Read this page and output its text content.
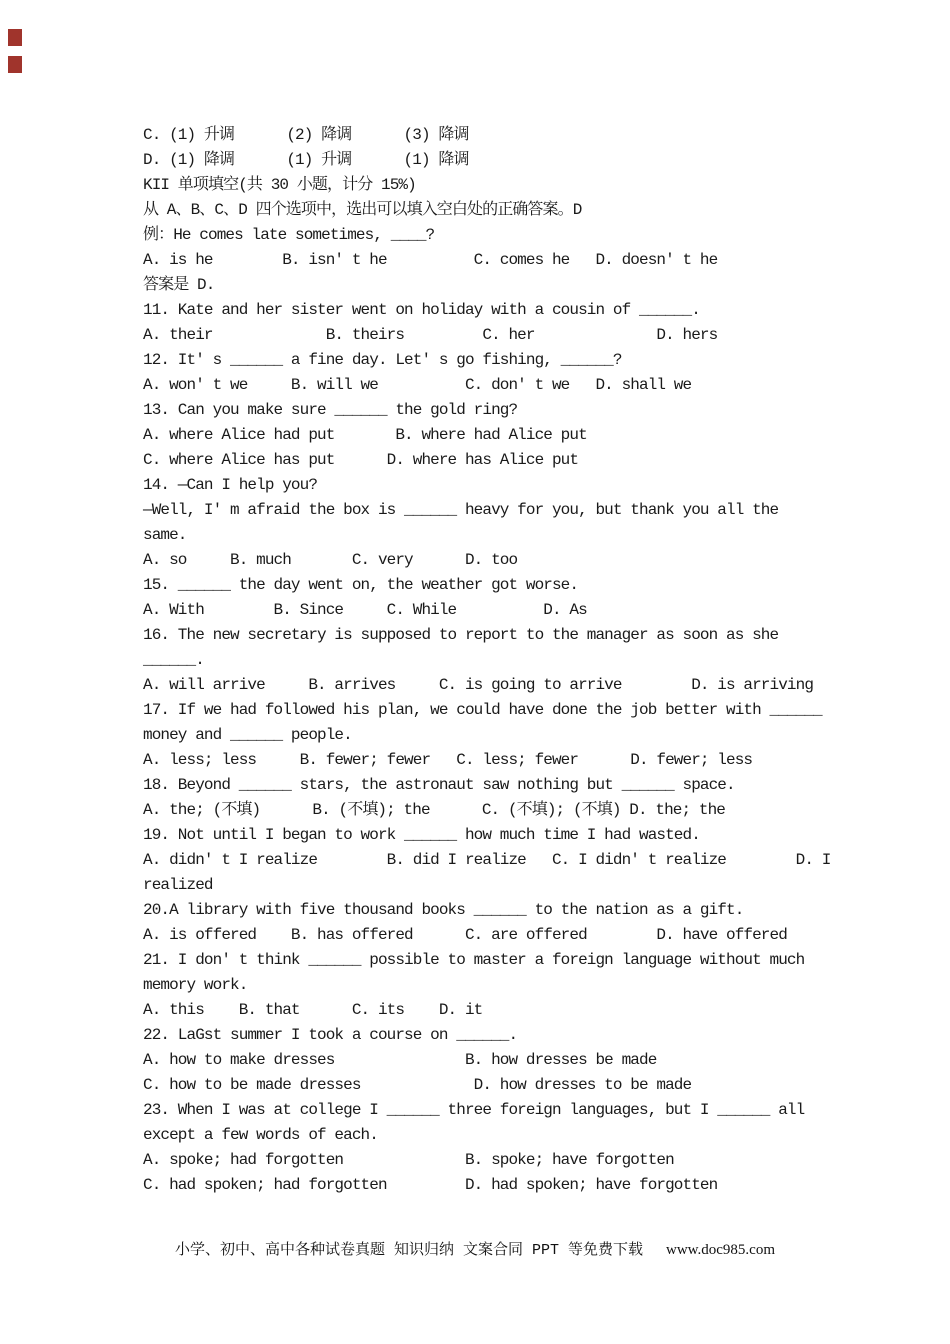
C. (1) 升调      (2) 降调      (3) 降调
D. (1) 降调      (1) 升调      (1) 降调
KII 单项填空(共 30 小题，计分 15%)
从 A、B、C、D 四个选项中，选出可以填入空白处的正确答案。D
例：He comes late sometimes, ____?
A. is he        B. isn' t he          C. comes he   D. doesn' t he
答案是 D.
11. Kate and her sister went on holiday with a cousin of ______.
A. their             B. theirs         C. her              D. hers
12. It' s ______ a fine day. Let' s go fishing, ______?
A. won' t we     B. will we          C. don' t we   D. shall we
13. Can you make sure ______ the gold ring?
A. where Alice had put       B. where had Alice put
C. where Alice has put      D. where has Alice put
14. —Can I help you?
—Well, I' m afraid the box is ______ heavy for you, but thank you all the
same.
A. so     B. much       C. very      D. too
15. ______ the day went on, the weather got worse.
A. With        B. Since     C. While          D. As
16. The new secretary is supposed to report to the manager as soon as she
______.
A. will arrive     B. arrives     C. is going to arrive        D. is arriving
17. If we had followed his plan, we could have done the job better with ______
money and ______ people.
A. less; less     B. fewer; fewer   C. less; fewer      D. fewer; less
18. Beyond ______ stars, the astronaut saw nothing but ______ space.
A. the; (不填)      B. (不填); the      C. (不填); (不填) D. the; the
19. Not until I began to work ______ how much time I had wasted.
A. didn' t I realize        B. did I realize   C. I didn' t realize        D. I
realized
20.A library with five thousand books ______ to the nation as a gift.
A. is offered    B. has offered      C. are offered        D. have offered
21. I don' t think ______ possible to master a foreign language without much
memory work.
A. this    B. that      C. its    D. it
22. LaGst summer I took a course on ______.
A. how to make dresses               B. how dresses be made
C. how to be made dresses             D. how dresses to be made
23. When I was at college I ______ three foreign languages, but I ______ all
except a few words of each.
A. spoke; had forgotten              B. spoke; have forgotten
C. had spoken; had forgotten         D. had spoken; have forgotten
小学、初中、高中各种试卷真题 知识归纳 文案合同 PPT 等免费下载 www.doc985.com
